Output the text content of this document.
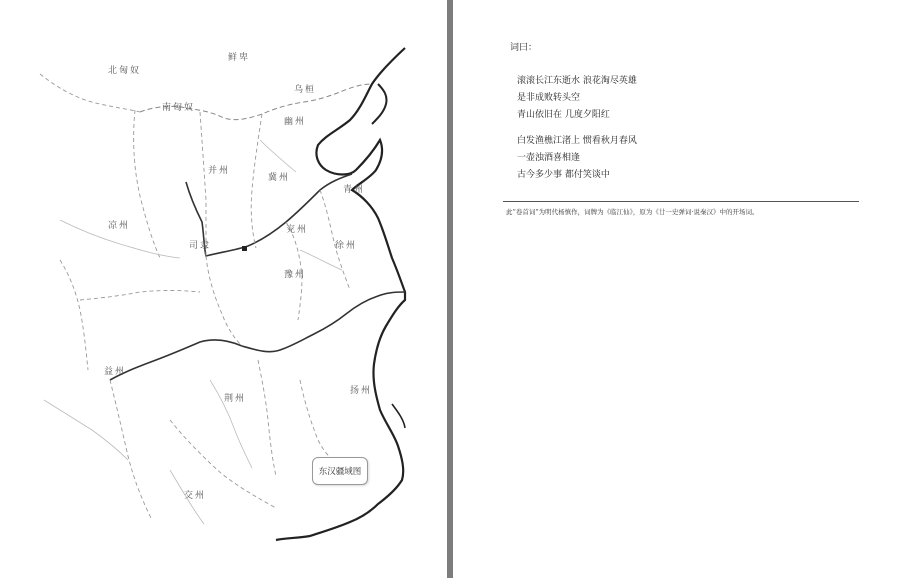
北匈奴
鲜卑
乌桓
南匈奴
幽州
并州
冀州
青州
凉州
司隶
兖州
徐州
豫州
益州
荆州
扬州
交州
东汉疆域图
词曰：
滚滚长江东逝水 浪花淘尽英雄
是非成败转头空
青山依旧在 几度夕阳红
白发渔樵江渚上 惯看秋月春风
一壶浊酒喜相逢
古今多少事 都付笑谈中
此“卷首词”为明代杨慎作，词牌为《临江仙》，原为《廿一史弹词·说秦汉》中的开场词。
